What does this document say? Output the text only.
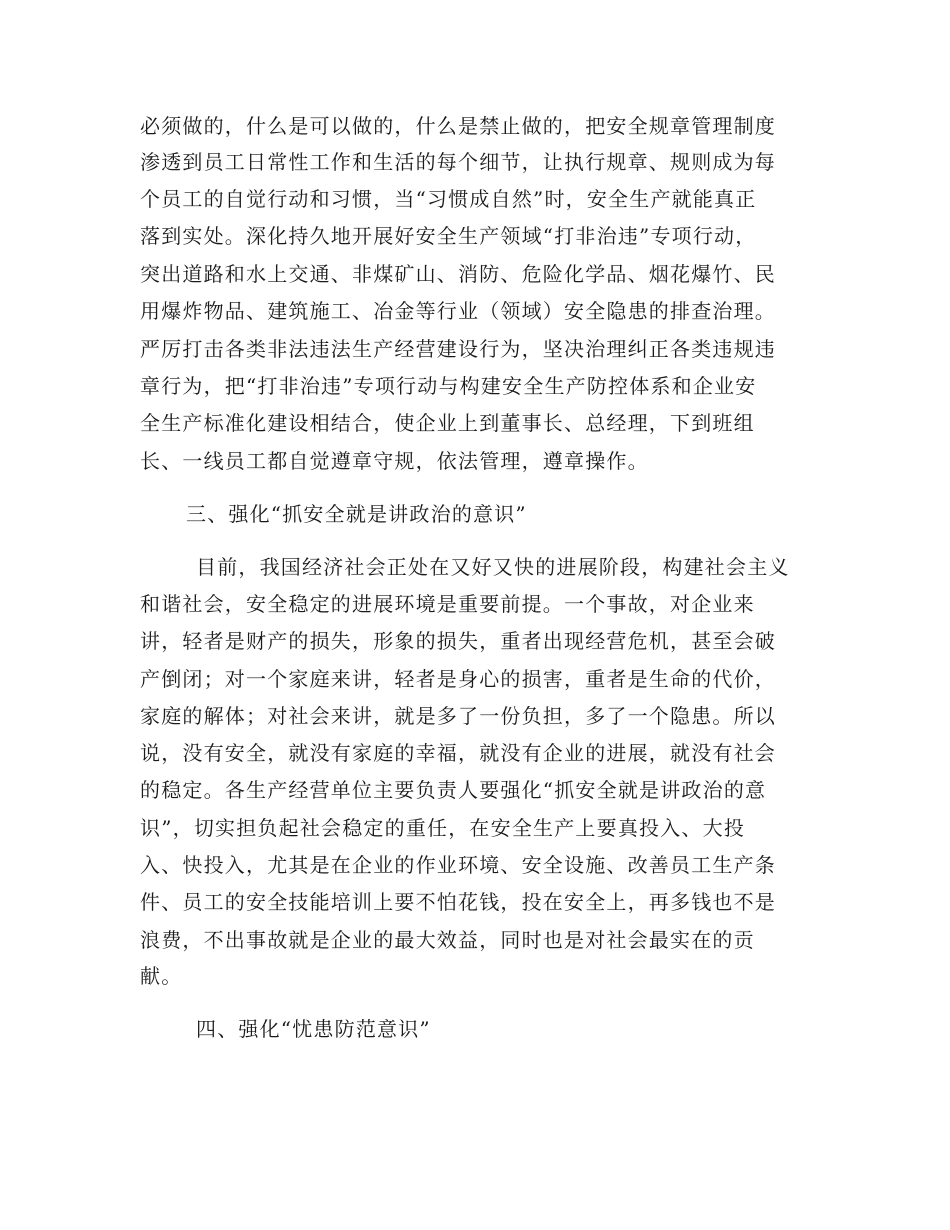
必须做的，什么是可以做的，什么是禁止做的，把安全规章管理制度
渗透到员工日常性工作和生活的每个细节，让执行规章、规则成为每
个员工的自觉行动和习惯，当“习惯成自然”时，安全生产就能真正
落到实处。深化持久地开展好安全生产领域“打非治违”专项行动，
突出道路和水上交通、非煤矿山、消防、危险化学品、烟花爆竹、民
用爆炸物品、建筑施工、冶金等行业（领域）安全隐患的排查治理。
严厉打击各类非法违法生产经营建设行为，坚决治理纠正各类违规违
章行为，把“打非治违”专项行动与构建安全生产防控体系和企业安
全生产标准化建设相结合，使企业上到董事长、总经理，下到班组
长、一线员工都自觉遵章守规，依法管理，遵章操作。
三、强化“抓安全就是讲政治的意识”
目前，我国经济社会正处在又好又快的进展阶段，构建社会主义
和谐社会，安全稳定的进展环境是重要前提。一个事故，对企业来
讲，轻者是财产的损失，形象的损失，重者出现经营危机，甚至会破
产倒闭；对一个家庭来讲，轻者是身心的损害，重者是生命的代价，
家庭的解体；对社会来讲，就是多了一份负担，多了一个隐患。所以
说，没有安全，就没有家庭的幸福，就没有企业的进展，就没有社会
的稳定。各生产经营单位主要负责人要强化“抓安全就是讲政治的意
识”，切实担负起社会稳定的重任，在安全生产上要真投入、大投
入、快投入，尤其是在企业的作业环境、安全设施、改善员工生产条
件、员工的安全技能培训上要不怕花钱，投在安全上，再多钱也不是
浪费，不出事故就是企业的最大效益，同时也是对社会最实在的贡
献。
四、强化“忧患防范意识”
